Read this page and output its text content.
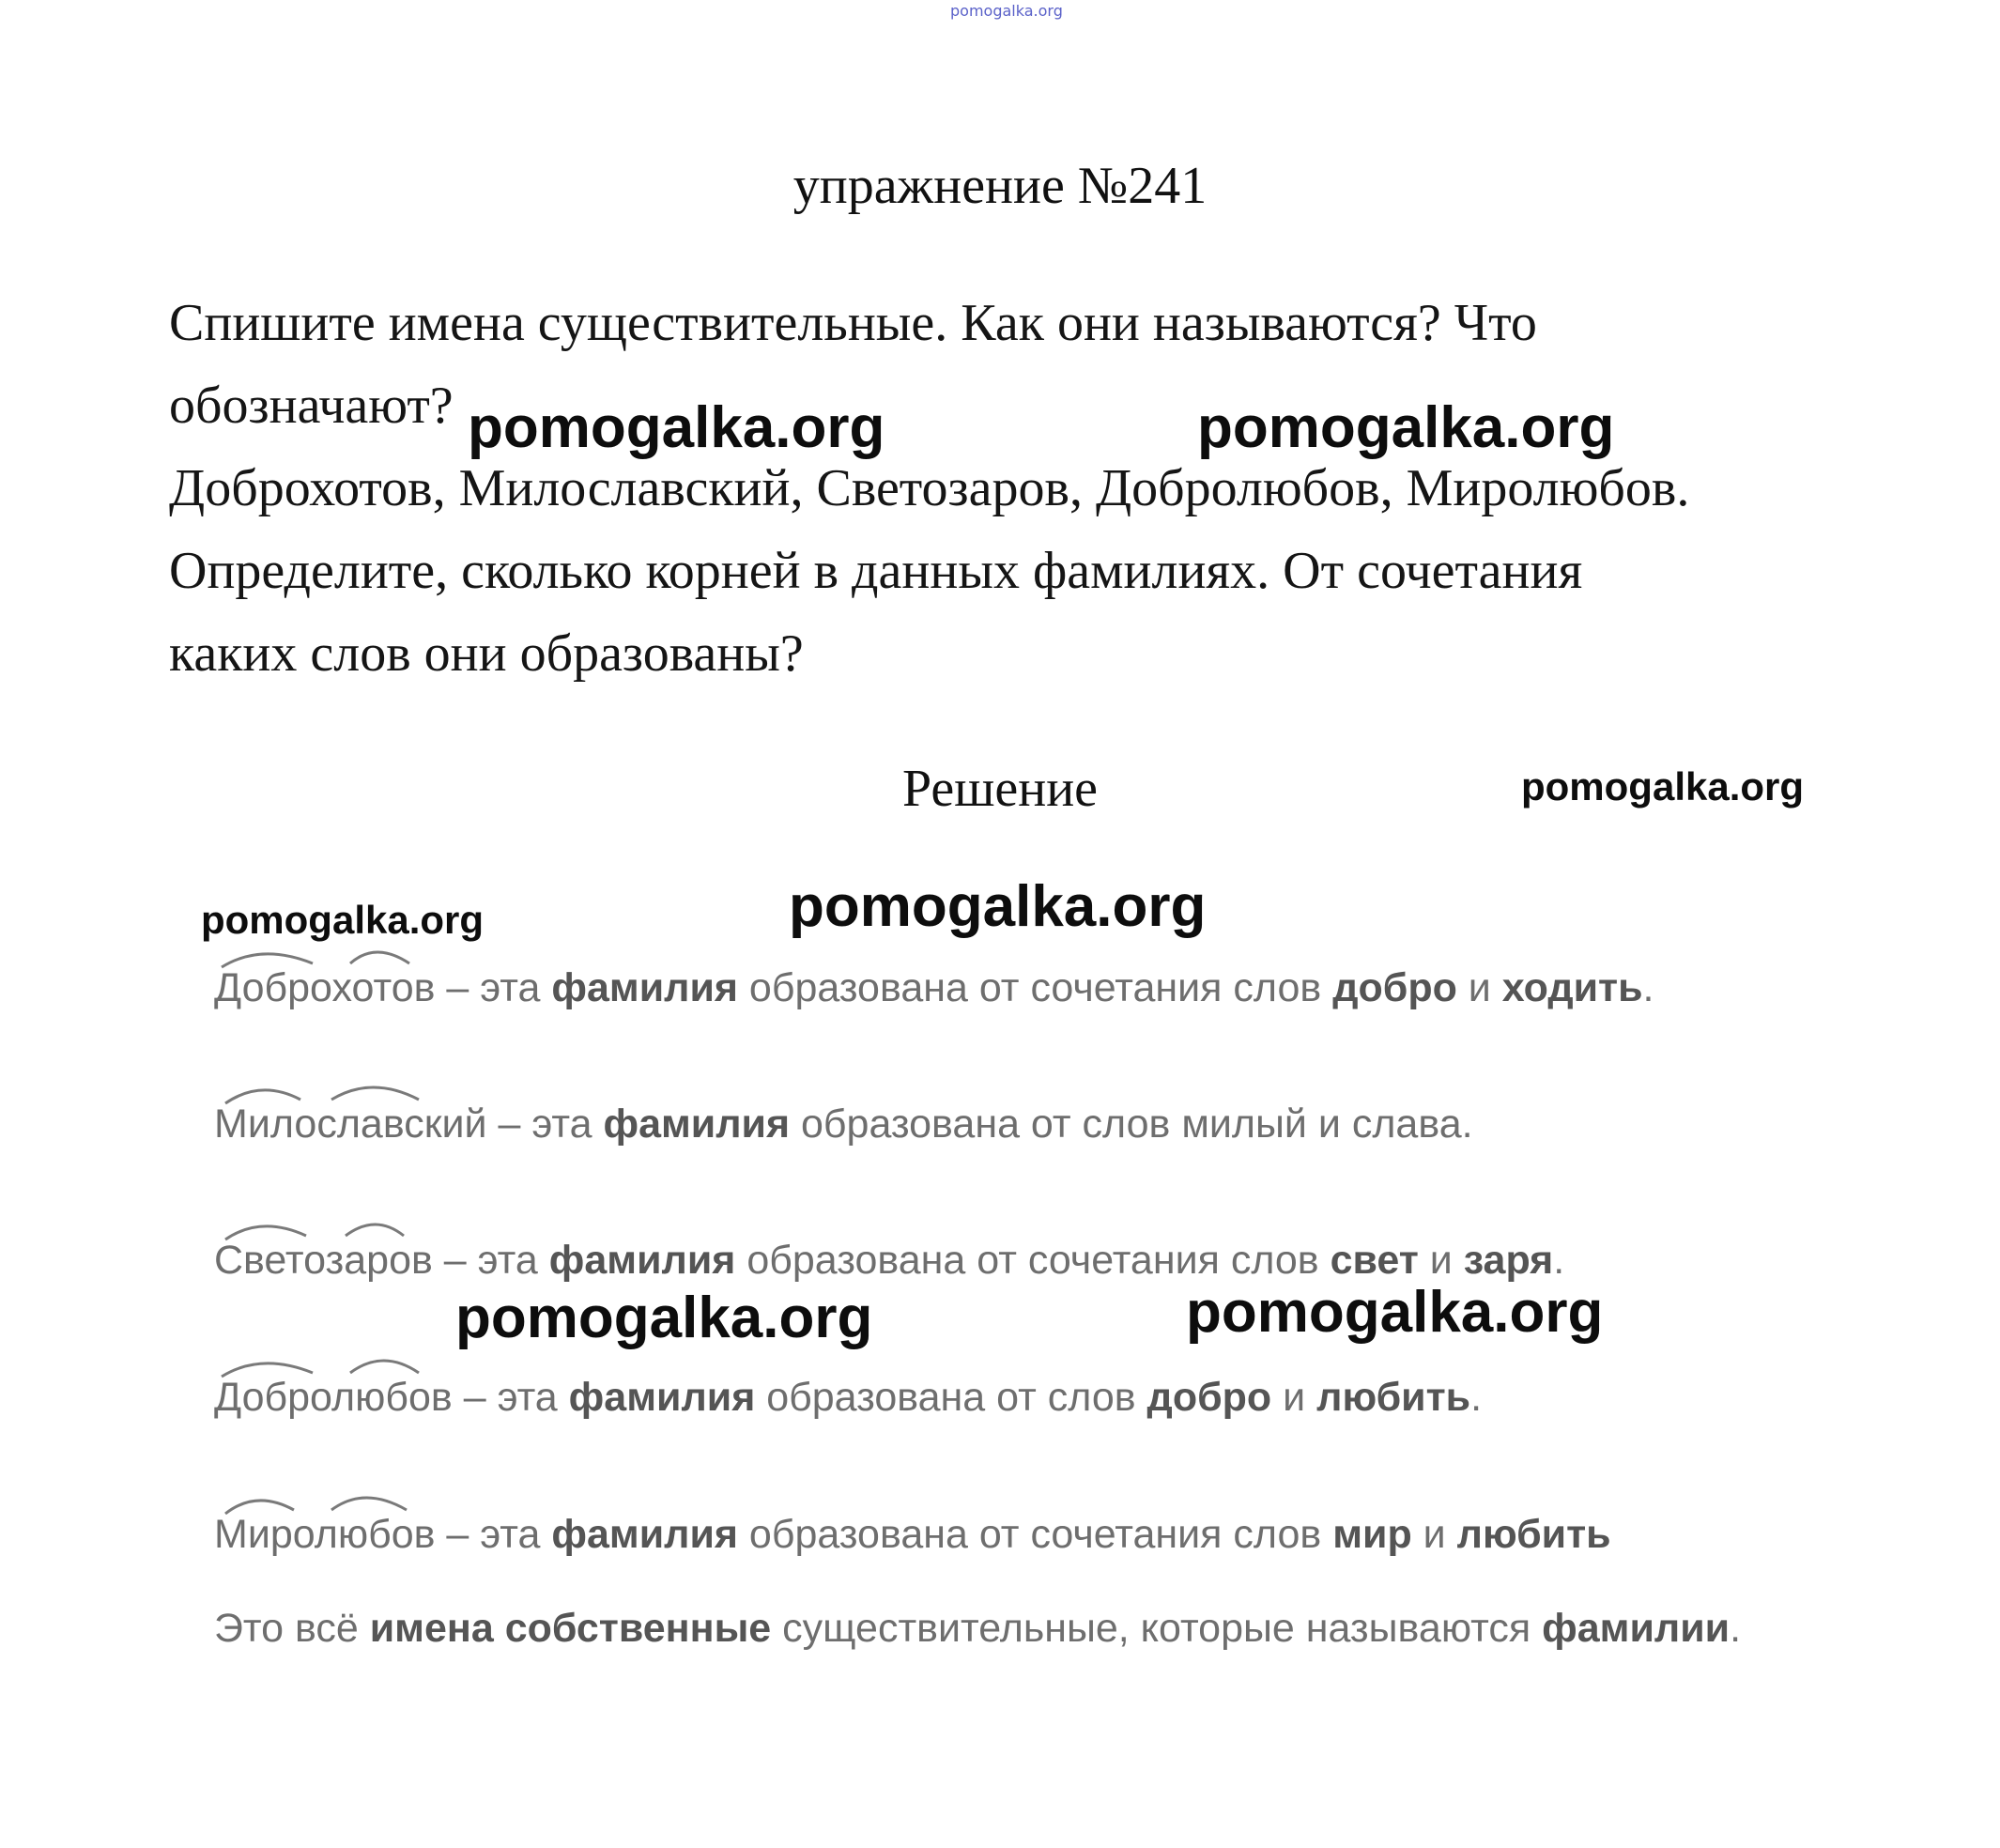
pomogalka.org
упражнение №241

Спишите имена существительные. Как они называются? Что

обозначают?

Доброхотов, Милославский, Светозаров, Добролюбов, Миролюбов.

Определите, сколько корней в данных фамилиях. От сочетания

каких слов они образованы?

Решение
pomogalka.org	pomogalka.org
pomogalka.org
pomogalka.org	pomogalka.org
pomogalka.org	pomogalka.org
Доброхотов – эта фамилия образована от сочетания слов добро и ходить.
Милославский – эта фамилия образована от слов милый и слава.
Светозаров – эта фамилия образована от сочетания слов свет и заря.
Добролюбов – эта фамилия образована от слов добро и любить.
Миролюбов – эта фамилия образована от сочетания слов мир и любить
Это всё имена собственные существительные, которые называются фамилии.
